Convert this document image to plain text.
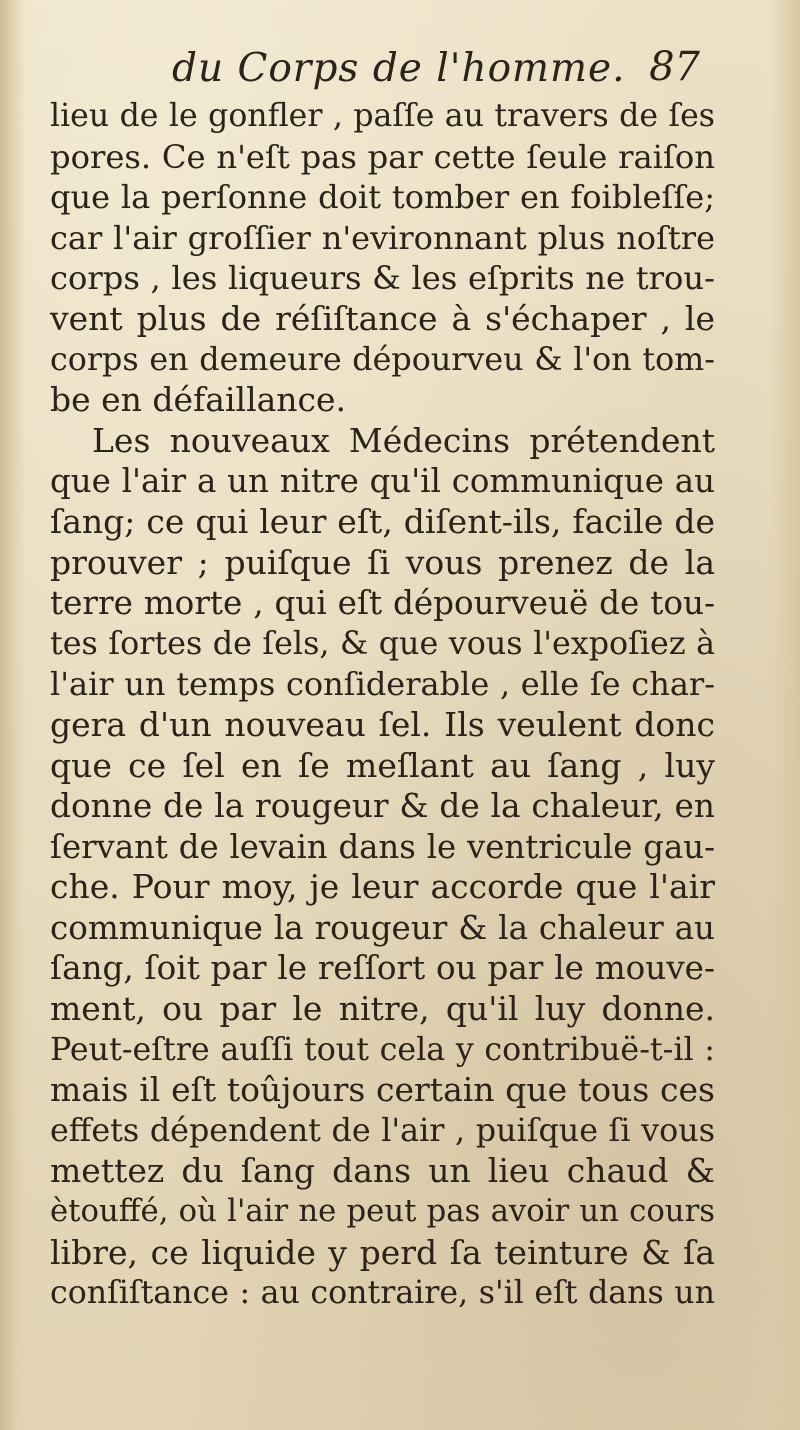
du Corps de l'homme. 87
lieu de le gonfler , paſſe au travers de ſes
pores. Ce n'eſt pas par cette ſeule raiſon
que la perſonne doit tomber en foibleſſe;
car l'air groſſier n'evironnant plus noſtre
corps , les liqueurs & les eſprits ne trou-
vent plus de réſiſtance à s'échaper , le
corps en demeure dépourveu & l'on tom-
be en défaillance.
Les nouveaux Médecins prétendent
que l'air a un nitre qu'il communique au
ſang; ce qui leur eſt, diſent-ils, facile de
prouver ; puiſque ſi vous prenez de la
terre morte , qui eſt dépourveuë de tou-
tes ſortes de ſels, & que vous l'expoſiez à
l'air un temps conſiderable , elle ſe char-
gera d'un nouveau ſel. Ils veulent donc
que ce ſel en ſe meſlant au ſang , luy
donne de la rougeur & de la chaleur, en
ſervant de levain dans le ventricule gau-
che. Pour moy, je leur accorde que l'air
communique la rougeur & la chaleur au
ſang, ſoit par le reſſort ou par le mouve-
ment, ou par le nitre, qu'il luy donne.
Peut-eſtre auſſi tout cela y contribuë-t-il :
mais il eſt toûjours certain que tous ces
effets dépendent de l'air , puiſque ſi vous
mettez du ſang dans un lieu chaud &
ètouffé, où l'air ne peut pas avoir un cours
libre, ce liquide y perd ſa teinture & ſa
conſiſtance : au contraire, s'il eſt dans un
